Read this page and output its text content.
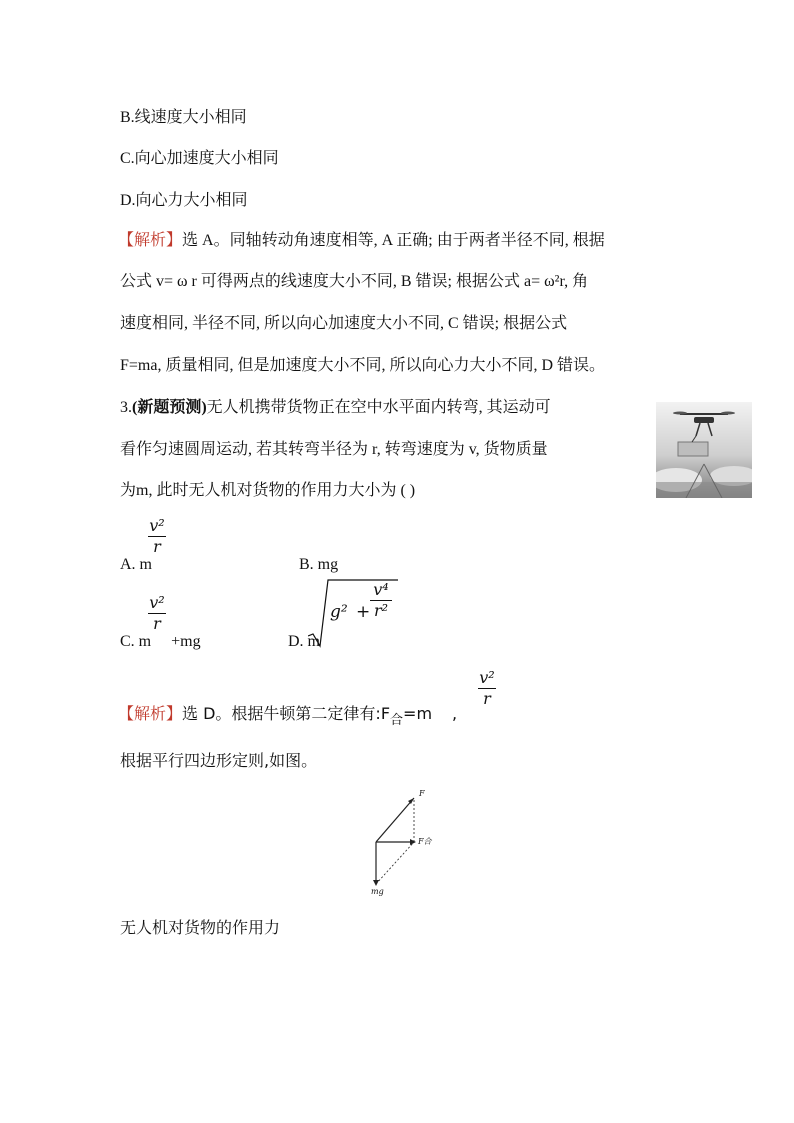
B.线速度大小相同
C.向心加速度大小相同
D.向心力大小相同
【解析】选 A。同轴转动角速度相等, A 正确; 由于两者半径不同, 根据
公式 v= ω r 可得两点的线速度大小不同, B 错误; 根据公式 a= ω²r, 角
速度相同, 半径不同, 所以向心加速度大小不同, C 错误; 根据公式
F=ma, 质量相同, 但是加速度大小不同, 所以向心力大小不同, D 错误。
3.(新题预测)无人机携带货物正在空中水平面内转弯, 其运动可
看作匀速圆周运动, 若其转弯半径为 r, 转弯速度为 v, 货物质量
为m, 此时无人机对货物的作用力大小为 ( )
v²
r
A. m	B. mg
v²
r
C. m +mg	D. m
g² +
v⁴
r²
v²
r
【解析】选 D。根据牛顿第二定律有$:F_合=m$ ,
根据平行四边形定则,如图。
F
F合
mg
无人机对货物的作用力
